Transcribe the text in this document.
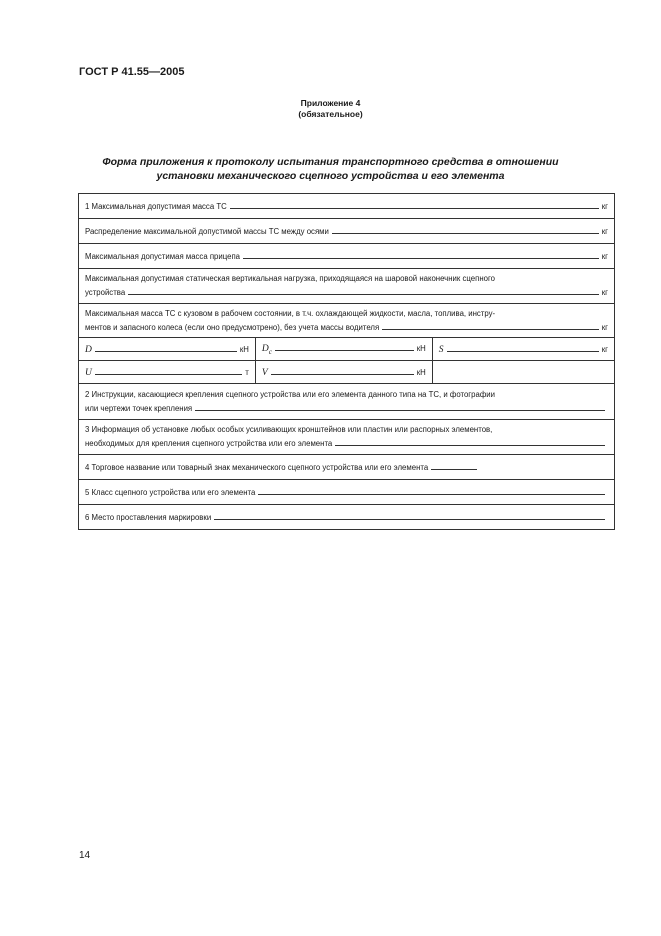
ГОСТ Р 41.55—2005
Приложение 4
(обязательное)
Форма приложения к протоколу испытания транспортного средства в отношении
установки механического сцепного устройства и его элемента
1 Максимальная допустимая масса ТС кг		

Распределение максимальной допустимой массы ТС между осями кг		

Максимальная допустимая масса прицепа кг		

Максимальная допустимая статическая вертикальная нагрузка, приходящаяся на шаровой наконечник сцепного
устройства кг		

Максимальная масса ТС с кузовом в рабочем состоянии, в т.ч. охлаждающей жидкости, масла, топлива, инстру-
ментов и запасного колеса (если оно предусмотрено), без учета массы водителя кг		

D кН	$D_c$ кН	S кг

U т	V кН	

2 Инструкции, касающиеся крепления сцепного устройства или его элемента данного типа на ТС, и фотографии
или чертежи точек крепления		

3 Информация об установке любых особых усиливающих кронштейнов или пластин или распорных элементов,
необходимых для крепления сцепного устройства или его элемента		

4 Торговое название или товарный знак механического сцепного устройства или его элемента		

5 Класс сцепного устройства или его элемента		

6 Место проставления маркировки		
14
